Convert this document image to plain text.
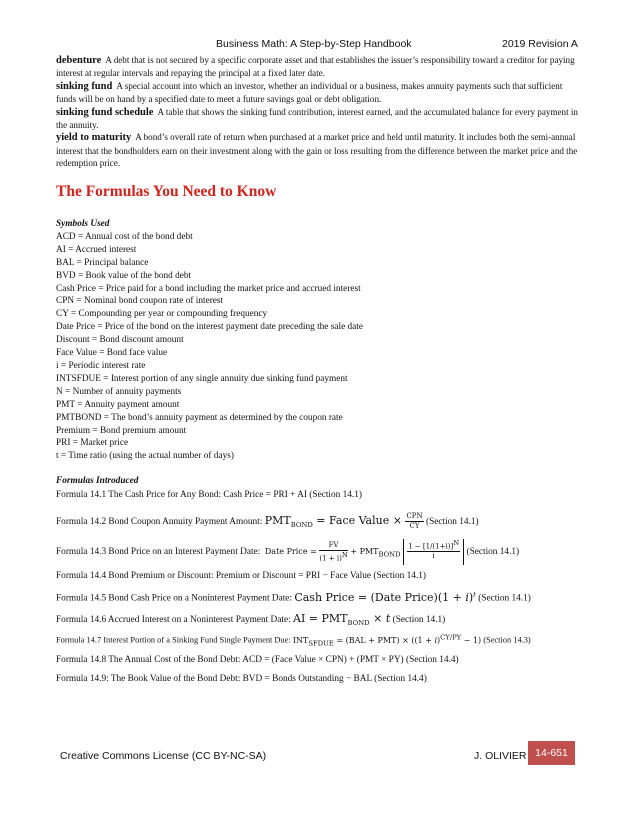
Business Math: A Step-by-Step Handbook	2019 Revision A

debenture A debt that is not secured by a specific corporate asset and that establishes the issuer’s responsibility toward a creditor for paying interest at regular intervals and repaying the principal at a fixed later date.

sinking fund A special account into which an investor, whether an individual or a business, makes annuity payments such that sufficient funds will be on hand by a specified date to meet a future savings goal or debt obligation.

sinking fund schedule A table that shows the sinking fund contribution, interest earned, and the accumulated balance for every payment in the annuity.

yield to maturity A bond’s overall rate of return when purchased at a market price and held until maturity. It includes both the semi-annual interest that the bondholders earn on their investment along with the gain or loss resulting from the difference between the market price and the redemption price.

The Formulas You Need to Know
Symbols Used
ACD = Annual cost of the bond debt
AI = Accrued interest
BAL = Principal balance
BVD = Book value of the bond debt
Cash Price = Price paid for a bond including the market price and accrued interest
CPN = Nominal bond coupon rate of interest
CY = Compounding per year or compounding frequency
Date Price = Price of the bond on the interest payment date preceding the sale date
Discount = Bond discount amount
Face Value = Bond face value
i = Periodic interest rate
INTSFDUE = Interest portion of any single annuity due sinking fund payment
N = Number of annuity payments
PMT = Annuity payment amount
PMTBOND = The bond’s annuity payment as determined by the coupon rate
Premium = Bond premium amount
PRI = Market price
t = Time ratio (using the actual number of days)
Formulas Introduced
Formula 14.1 The Cash Price for Any Bond: Cash Price = PRI + AI (Section 14.1)
Formula 14.2 Bond Coupon Annuity Payment Amount: $PMT_{BOND}$ = Face Value × $\frac{\text{CPN}}{CY}$ (Section 14.1)
Formula 14.3 Bond Price on an Interest Payment Date: Date Price = $\frac{FV}{(1 + i)^N} + PMT_{BOND} \frac{1 - [1/(1+i)]^N}{i}$ (Section 14.1)
Formula 14.4 Bond Premium or Discount: Premium or Discount = PRI − Face Value (Section 14.1)
Formula 14.5 Bond Cash Price on a Noninterest Payment Date: Cash Price = (Date Price)(1 + i)$^t$ (Section 14.1)
Formula 14.6 Accrued Interest on a Noninterest Payment Date: AI = $PMT_{BOND} \times t$ (Section 14.1)
Formula 14.7 Interest Portion of a Sinking Fund Single Payment Due: $INT_{SFDUE} = (BAL + PMT) \times ((1 + i)^{CY/PY} - 1)$ (Section 14.3)
Formula 14.8 The Annual Cost of the Bond Debt: ACD = (Face Value × CPN) + (PMT × PY) (Section 14.4)
Formula 14.9: The Book Value of the Bond Debt: BVD = Bonds Outstanding − BAL (Section 14.4)
Creative Commons License (CC BY-NC-SA)	J. OLIVIER 14-651
